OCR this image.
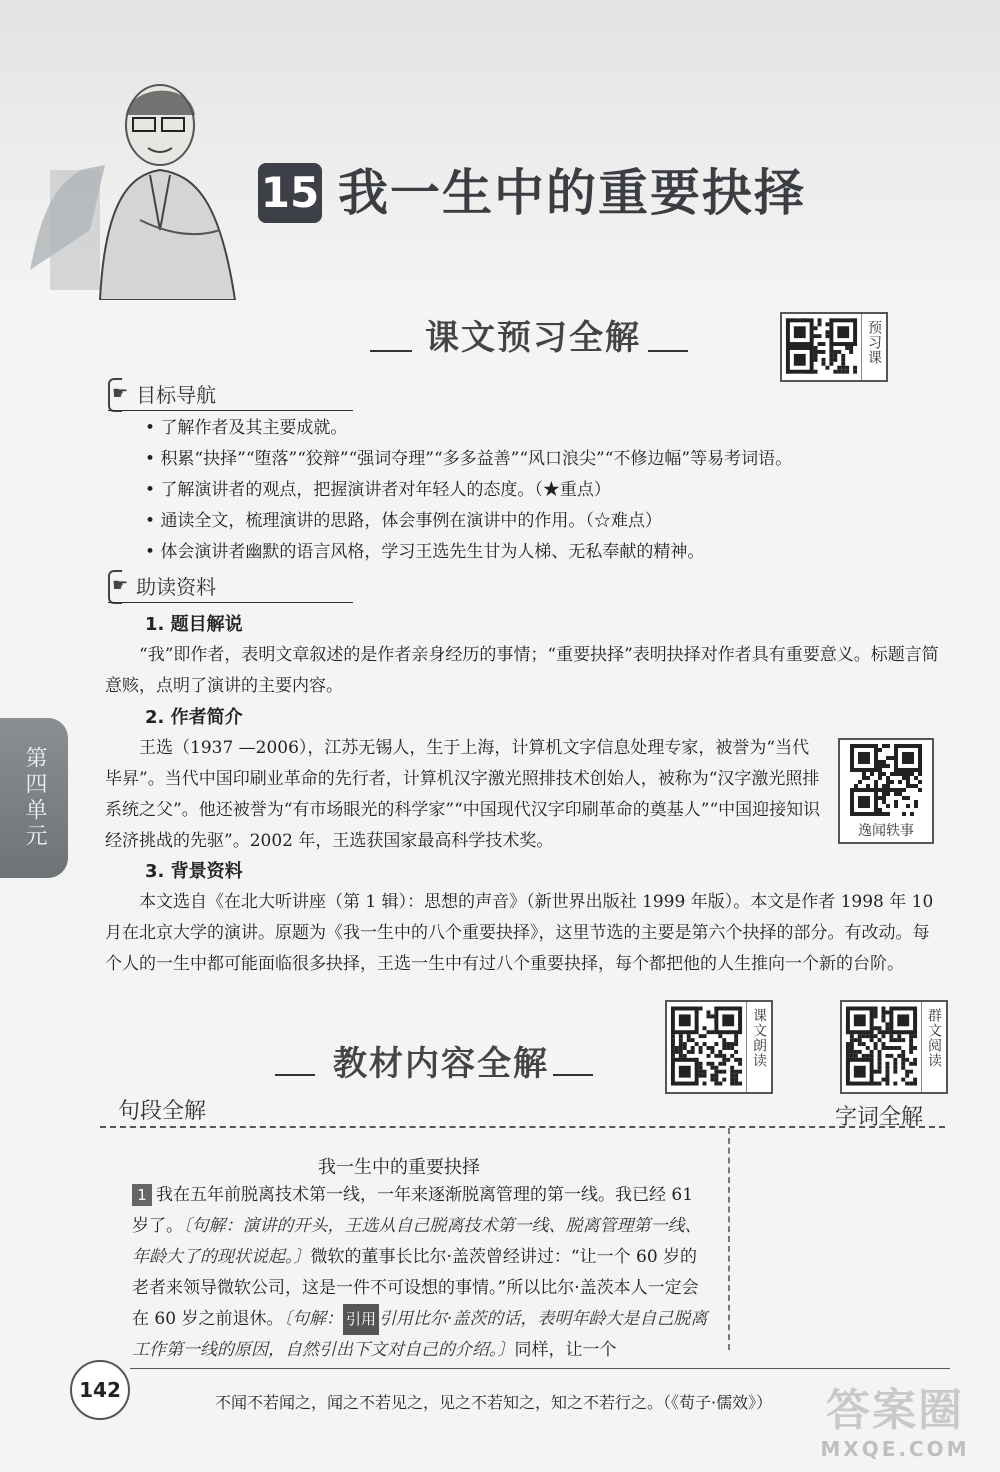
15 我一生中的重要抉择
课文预习全解	预习课
☛ 目标导航
• 了解作者及其主要成就。
• 积累“抉择”“堕落”“狡辩”“强词夺理”“多多益善”“风口浪尖”“不修边幅”等易考词语。
• 了解演讲者的观点，把握演讲者对年轻人的态度。（★重点）
• 通读全文，梳理演讲的思路，体会事例在演讲中的作用。（☆难点）
• 体会演讲者幽默的语言风格，学习王选先生甘为人梯、无私奉献的精神。
☛ 助读资料
1. 题目解说
“我”即作者，表明文章叙述的是作者亲身经历的事情；“重要抉择”表明抉择对作者具有重要意义。标题言简意赅，点明了演讲的主要内容。
2. 作者简介
王选（1937 —2006），江苏无锡人，生于上海，计算机文字信息处理专家，被誉为“当代毕昇”。当代中国印刷业革命的先行者，计算机汉字激光照排技术创始人，被称为“汉字激光照排系统之父”。他还被誉为“有市场眼光的科学家”“中国现代汉字印刷革命的奠基人”“中国迎接知识经济挑战的先驱”。2002 年，王选获国家最高科学技术奖。	逸闻轶事
3. 背景资料
本文选自《在北大听讲座（第 1 辑）：思想的声音》（新世界出版社 1999 年版）。本文是作者 1998 年 10 月在北京大学的演讲。原题为《我一生中的八个重要抉择》，这里节选的主要是第六个抉择的部分。有改动。每个人的一生中都可能面临很多抉择，王选一生中有过八个重要抉择，每个都把他的人生推向一个新的台阶。
第四单元
课文朗读	群文阅读
教材内容全解
句段全解	字词全解
我一生中的重要抉择
1 我在五年前脱离技术第一线，一年来逐渐脱离管理的第一线。我已经 61 岁了。〔句解：演讲的开头，王选从自己脱离技术第一线、脱离管理第一线、年龄大了的现状说起。〕微软的董事长比尔·盖茨曾经讲过：“让一个 60 岁的老者来领导微软公司，这是一件不可设想的事情。”所以比尔·盖茨本人一定会在 60 岁之前退休。〔句解： 引用 引用比尔·盖茨的话，表明年龄大是自己脱离工作第一线的原因，自然引出下文对自己的介绍。〕同样，让一个
142
不闻不若闻之，闻之不若见之，见之不若知之，知之不若行之。（《荀子·儒效》）	答案圈
MXQE.COM
